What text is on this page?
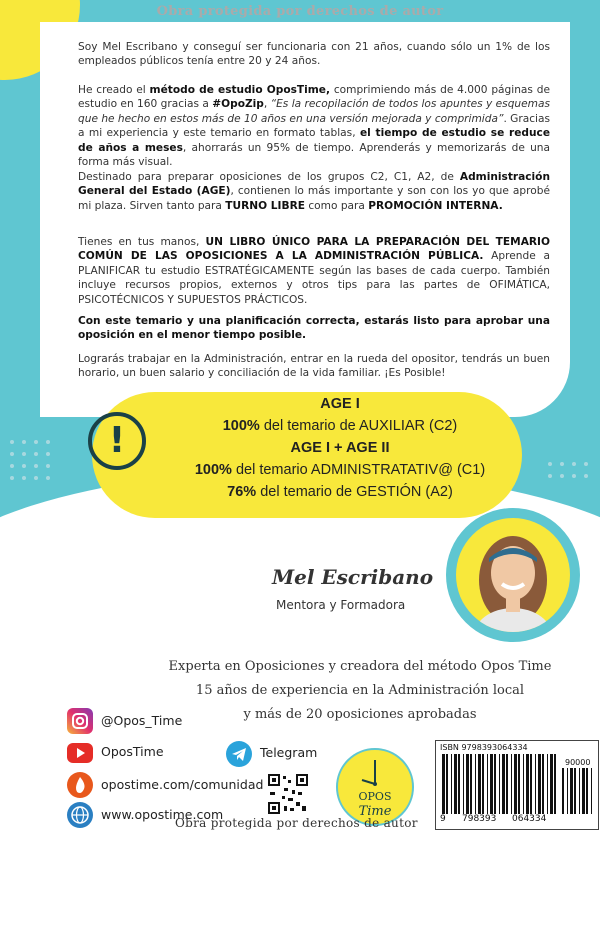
Obra protegida por derechos de autor
Soy Mel Escribano y conseguí ser funcionaria con 21 años, cuando sólo un 1% de los empleados públicos tenía entre 20 y 24 años.
He creado el método de estudio OposTime, comprimiendo más de 4.000 páginas de estudio en 160 gracias a #OpoZip, “Es la recopilación de todos los apuntes y esquemas que he hecho en estos más de 10 años en una versión mejorada y comprimida”. Gracias a mi experiencia y este temario en formato tablas, el tiempo de estudio se reduce de años a meses, ahorrarás un 95% de tiempo. Aprenderás y memorizarás de una forma más visual.
Destinado para preparar oposiciones de los grupos C2, C1, A2, de Administración General del Estado (AGE), contienen lo más importante y son con los yo que aprobé mi plaza. Sirven tanto para TURNO LIBRE como para PROMOCIÓN INTERNA.
Tienes en tus manos, UN LIBRO ÚNICO PARA LA PREPARACIÓN DEL TEMARIO COMÚN DE LAS OPOSICIONES A LA ADMINISTRACIÓN PÚBLICA. Aprende a PLANIFICAR tu estudio ESTRATÉGICAMENTE según las bases de cada cuerpo. También incluye recursos propios, externos y otros tips para las partes de OFIMÁTICA, PSICOTÉCNICOS Y SUPUESTOS PRÁCTICOS.
Con este temario y una planificación correcta, estarás listo para aprobar una oposición en el menor tiempo posible.
Lograrás trabajar en la Administración, entrar en la rueda del opositor, tendrás un buen horario, un buen salario y conciliación de la vida familiar. ¡Es Posible!
!
AGE I
100% del temario de AUXILIAR (C2)
AGE I + AGE II
100% del temario ADMINISTRATATIV@ (C1)
76% del temario de GESTIÓN (A2)
Mel Escribano
Mentora y Formadora
Experta en Oposiciones y creadora del método Opos Time
15 años de experiencia en la Administración local
y más de 20 oposiciones aprobadas
@Opos_Time
OposTime	Telegram
opostime.com/comunidad
www.opostime.com
OPOS
Time
ISBN 9798393064334
90000
9 798393 064334
Obra protegida por derechos de autor
